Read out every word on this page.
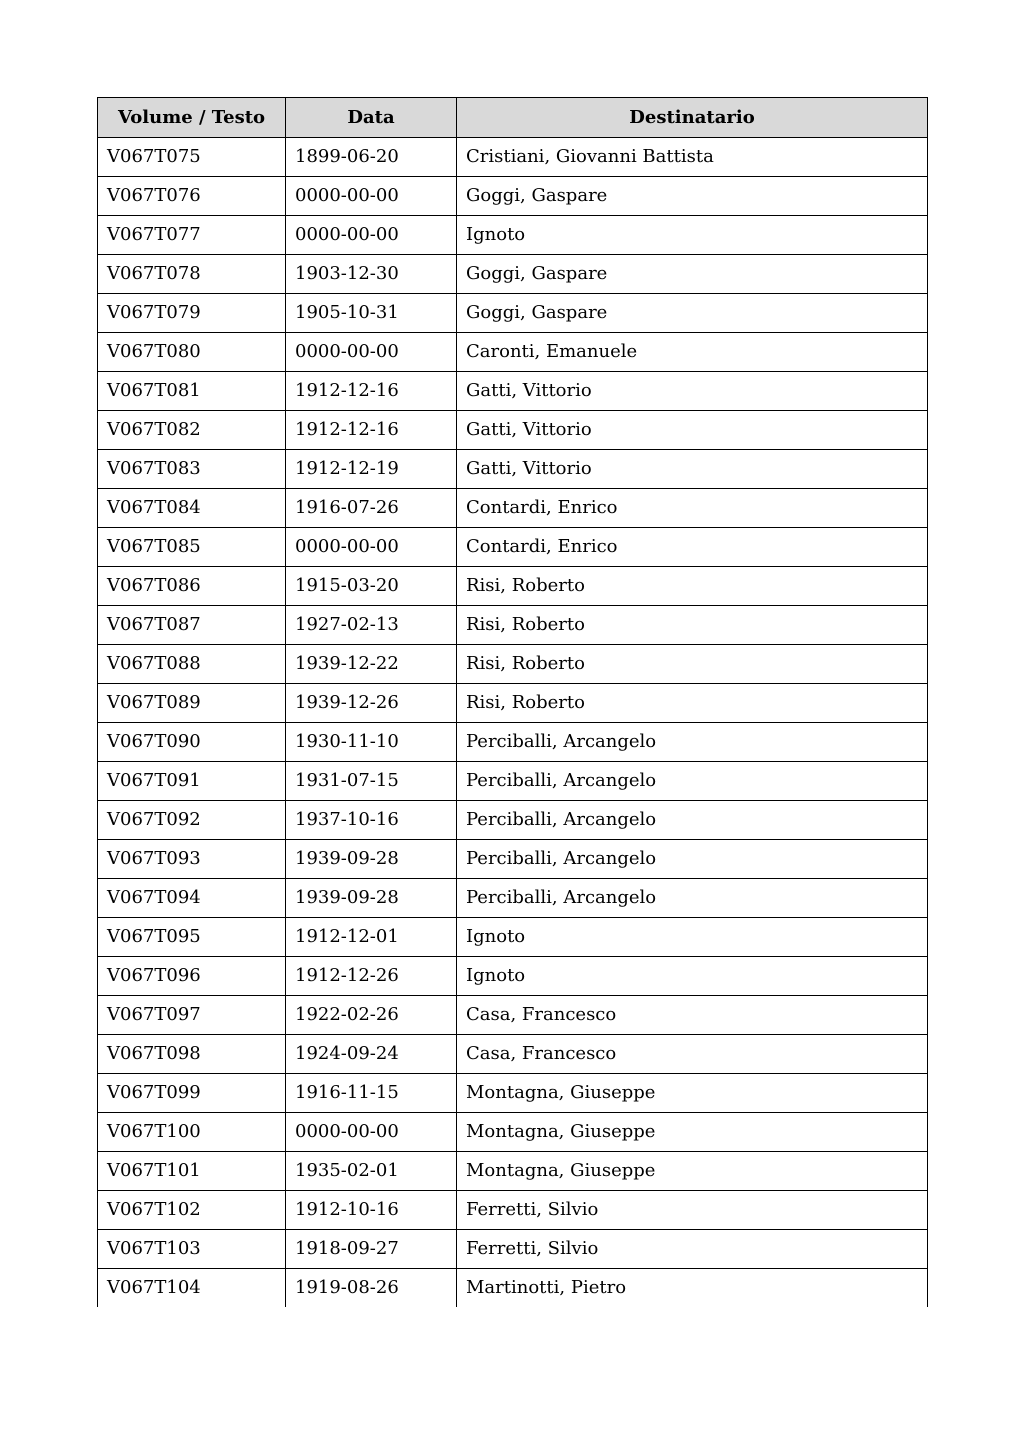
Volume / Testo	Data	Destinatario
V067T075	1899-06-20	Cristiani, Giovanni Battista
V067T076	0000-00-00	Goggi, Gaspare
V067T077	0000-00-00	Ignoto
V067T078	1903-12-30	Goggi, Gaspare
V067T079	1905-10-31	Goggi, Gaspare
V067T080	0000-00-00	Caronti, Emanuele
V067T081	1912-12-16	Gatti, Vittorio
V067T082	1912-12-16	Gatti, Vittorio
V067T083	1912-12-19	Gatti, Vittorio
V067T084	1916-07-26	Contardi, Enrico
V067T085	0000-00-00	Contardi, Enrico
V067T086	1915-03-20	Risi, Roberto
V067T087	1927-02-13	Risi, Roberto
V067T088	1939-12-22	Risi, Roberto
V067T089	1939-12-26	Risi, Roberto
V067T090	1930-11-10	Perciballi, Arcangelo
V067T091	1931-07-15	Perciballi, Arcangelo
V067T092	1937-10-16	Perciballi, Arcangelo
V067T093	1939-09-28	Perciballi, Arcangelo
V067T094	1939-09-28	Perciballi, Arcangelo
V067T095	1912-12-01	Ignoto
V067T096	1912-12-26	Ignoto
V067T097	1922-02-26	Casa, Francesco
V067T098	1924-09-24	Casa, Francesco
V067T099	1916-11-15	Montagna, Giuseppe
V067T100	0000-00-00	Montagna, Giuseppe
V067T101	1935-02-01	Montagna, Giuseppe
V067T102	1912-10-16	Ferretti, Silvio
V067T103	1918-09-27	Ferretti, Silvio
V067T104	1919-08-26	Martinotti, Pietro
